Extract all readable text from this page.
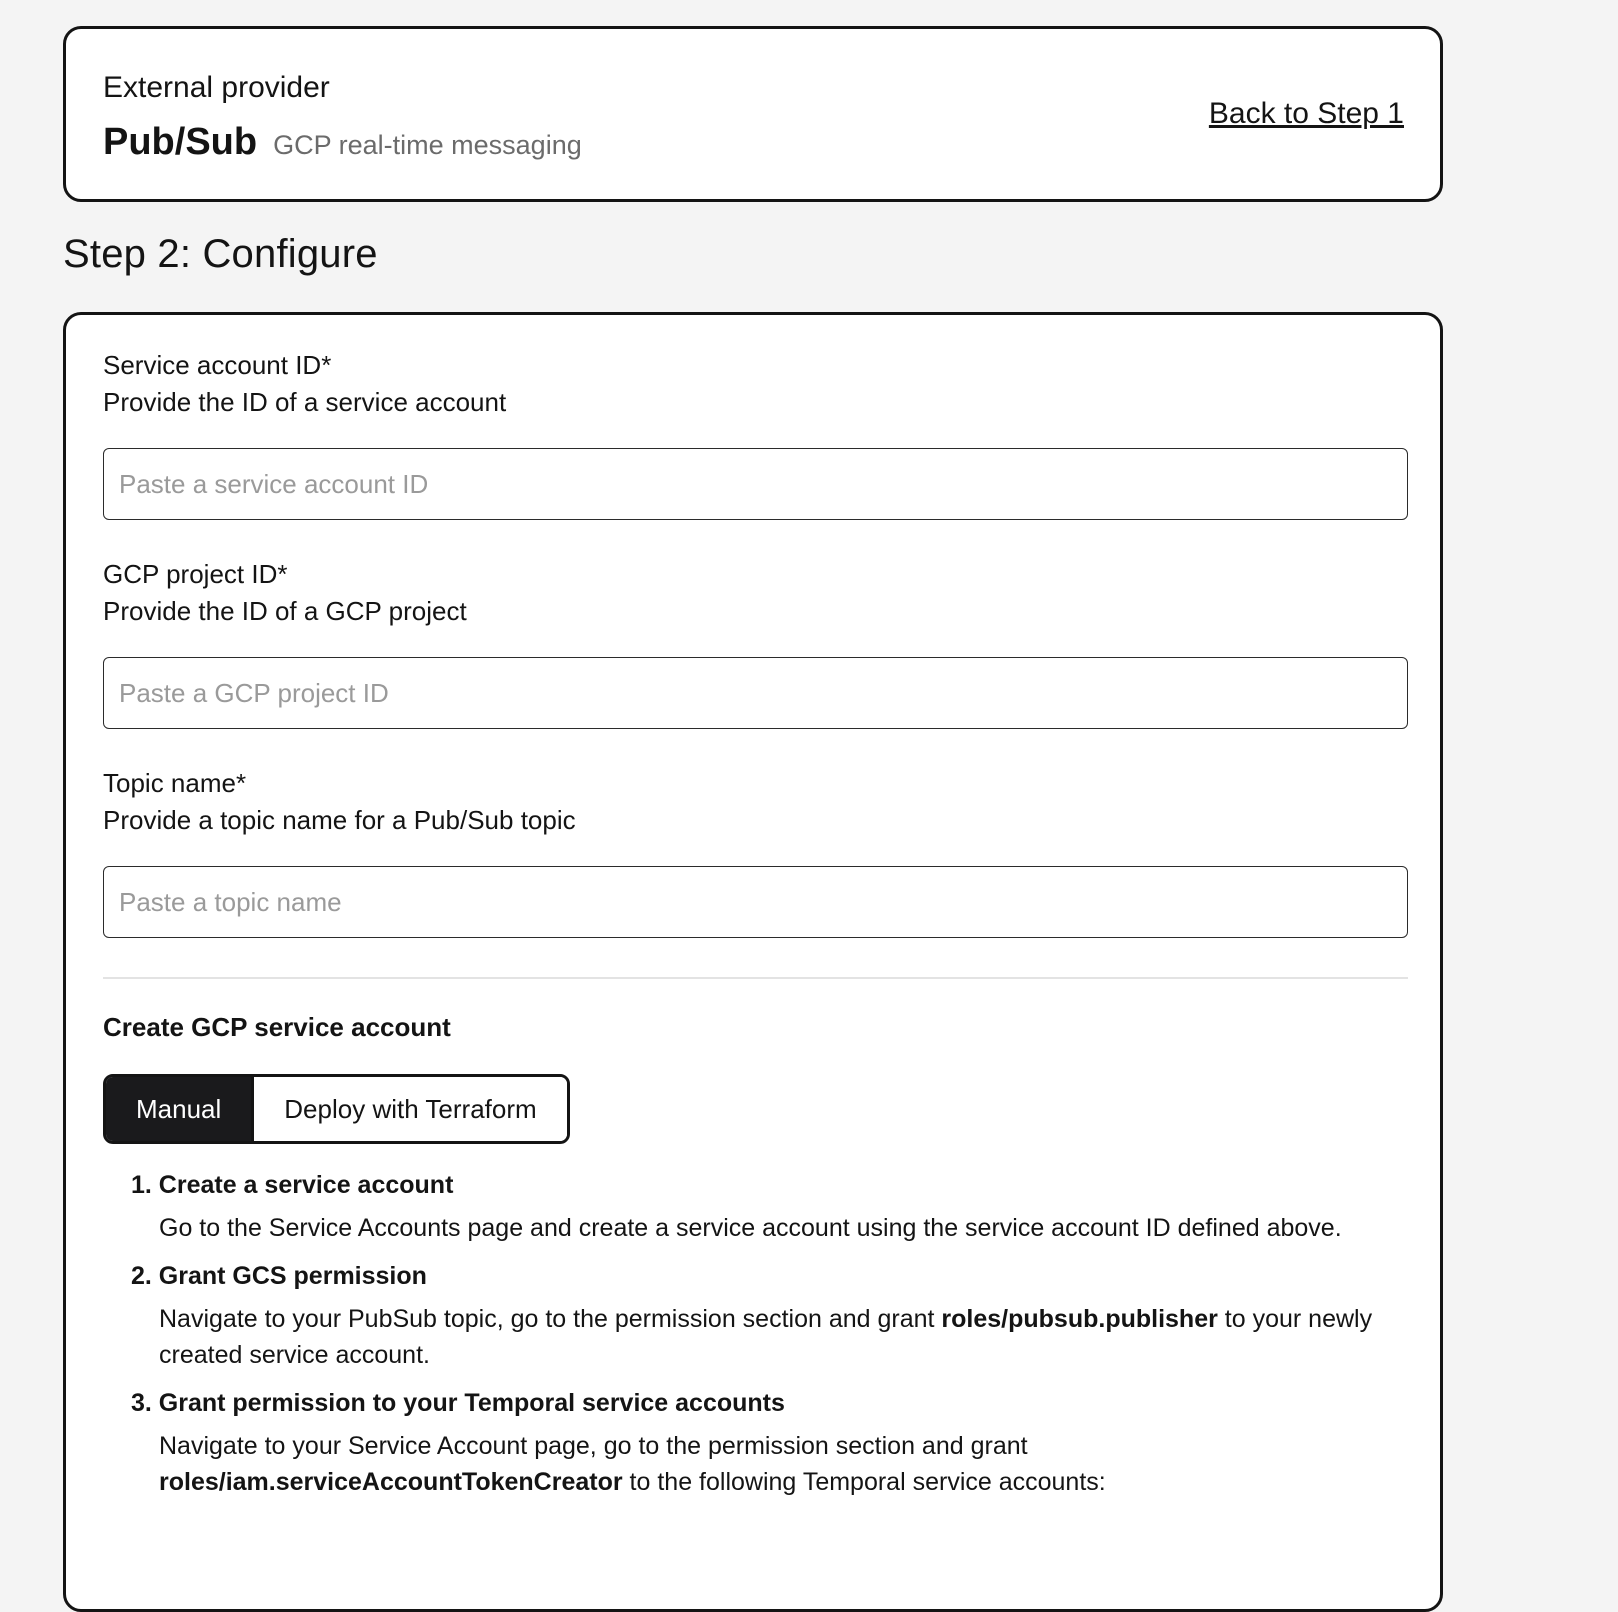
External provider
Pub/Sub GCP real-time messaging
Back to Step 1
Step 2: Configure
Service account ID*
Provide the ID of a service account
Paste a service account ID
GCP project ID*
Provide the ID of a GCP project
Paste a GCP project ID
Topic name*
Provide a topic name for a Pub/Sub topic
Paste a topic name
Create GCP service account
Manual	Deploy with Terraform
1. Create a service account
Go to the Service Accounts page and create a service account using the service account ID defined above.
2. Grant GCS permission
Navigate to your PubSub topic, go to the permission section and grant roles/pubsub.publisher to your newly created service account.
3. Grant permission to your Temporal service accounts
Navigate to your Service Account page, go to the permission section and grant roles/iam.serviceAccountTokenCreator to the following Temporal service accounts:
